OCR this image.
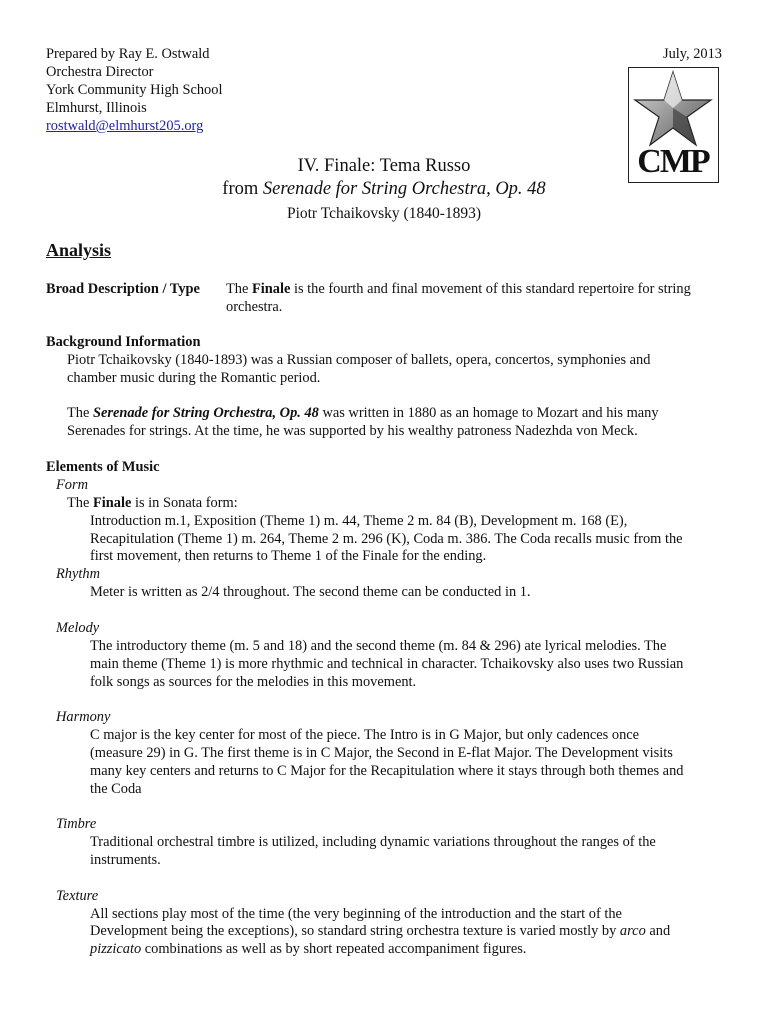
Prepared by Ray E. Ostwald
Orchestra Director
York Community High School
Elmhurst, Illinois
rostwald@elmhurst205.org
July, 2013
CMP
IV. Finale: Tema Russo
from Serenade for String Orchestra, Op. 48
Piotr Tchaikovsky (1840-1893)
Analysis
Broad Description / Type The Finale is the fourth and final movement of this standard repertoire for string
orchestra.
Background Information
Piotr Tchaikovsky (1840-1893) was a Russian composer of ballets, opera, concertos, symphonies and
chamber music during the Romantic period.
The Serenade for String Orchestra, Op. 48 was written in 1880 as an homage to Mozart and his many
Serenades for strings. At the time, he was supported by his wealthy patroness Nadezhda von Meck.
Elements of Music
Form
The Finale is in Sonata form:
Introduction m.1, Exposition (Theme 1) m. 44, Theme 2 m. 84 (B), Development m. 168 (E),
Recapitulation (Theme 1) m. 264, Theme 2 m. 296 (K), Coda m. 386. The Coda recalls music from the
first movement, then returns to Theme 1 of the Finale for the ending.
Rhythm
Meter is written as 2/4 throughout. The second theme can be conducted in 1.
Melody
The introductory theme (m. 5 and 18) and the second theme (m. 84 & 296) ate lyrical melodies. The
main theme (Theme 1) is more rhythmic and technical in character. Tchaikovsky also uses two Russian
folk songs as sources for the melodies in this movement.
Harmony
C major is the key center for most of the piece. The Intro is in G Major, but only cadences once
(measure 29) in G. The first theme is in C Major, the Second in E-flat Major. The Development visits
many key centers and returns to C Major for the Recapitulation where it stays through both themes and
the Coda
Timbre
Traditional orchestral timbre is utilized, including dynamic variations throughout the ranges of the
instruments.
Texture
All sections play most of the time (the very beginning of the introduction and the start of the
Development being the exceptions), so standard string orchestra texture is varied mostly by arco and
pizzicato combinations as well as by short repeated accompaniment figures.
